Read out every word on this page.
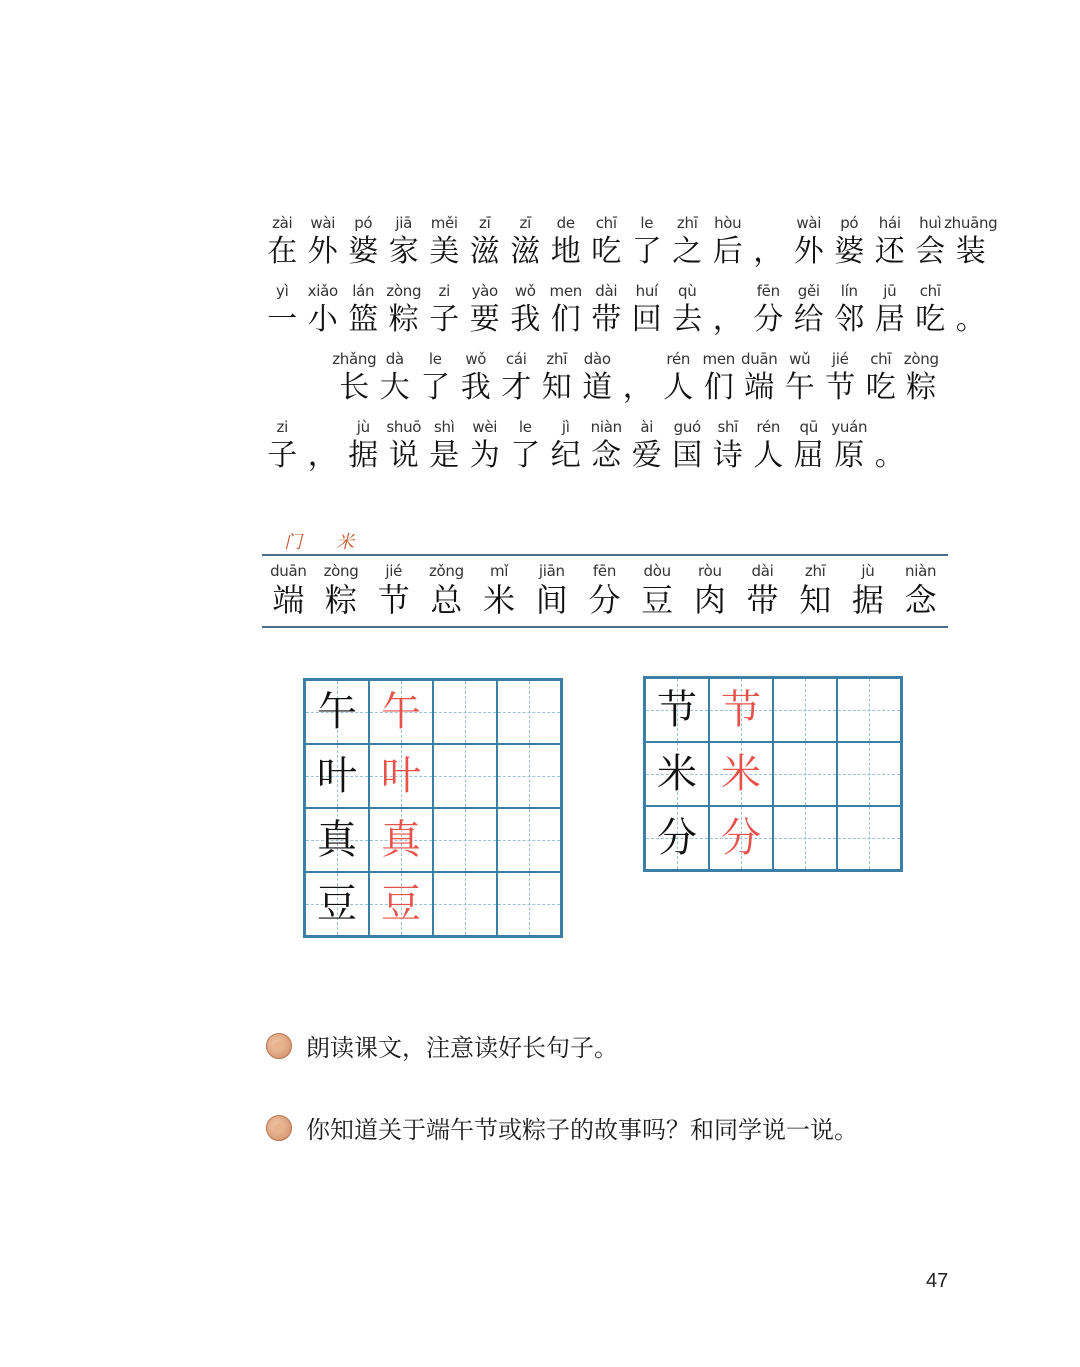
zài
在
wài
外
pó
婆
jiā
家
měi
美
zī
滋
zī
滋
de
地
chī
吃
le
了
zhī
之
hòu
后 ，
wài
外
pó
婆
hái
还
huì
会
zhuāng
装
yì
一
xiǎo
小
lán
篮
zòng
粽
zi
子
yào
要
wǒ
我
men
们
dài
带
huí
回
qù
去 ，
fēn
分
gěi
给
lín
邻
jū
居
chī
吃 。
zhǎng
长
dà
大
le
了
wǒ
我
cái
才
zhī
知
dào
道 ，
rén
人
men
们
duān
端
wǔ
午
jié
节
chī
吃
zòng
粽
zi
子 ，
jù
据
shuō
说
shì
是
wèi
为
le
了
jì
纪
niàn
念
ài
爱
guó
国
shī
诗
rén
人
qū
屈
yuán
原 。
门 米
duān
端
zòng
粽
jié
节
zǒng
总
mǐ
米
jiān
间
fēn
分
dòu
豆
ròu
肉
dài
带
zhī
知
jù
据
niàn
念
午 午
叶 叶
真 真
豆 豆
节 节
米 米
分 分
朗读课文，注意读好长句子。
你知道关于端午节或粽子的故事吗？和同学说一说。
47
